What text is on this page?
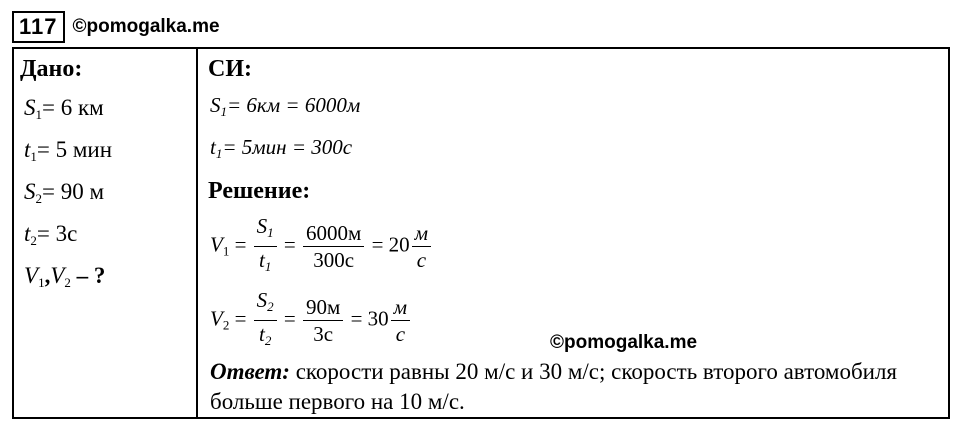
117 ©pomogalka.me
Дано:
$S_1= 6$ км
$t_1= 5$ мин
$S_2= 90$ м
$t_2= 3с$
$V_1,V_2$ – ?
СИ:
$S_1= 6км = 6000м$
$t_1= 5мин = 300с$
Решение:
$V_1 = \frac{S_1}{t_1} = \frac{6000м}{300с} = 20 \frac{м}{с}$
$V_2 = \frac{S_2}{t_2} = \frac{90м}{3с} = 30 \frac{м}{с}$	©pomogalka.me
Ответ: скорости равны 20 м/с и 30 м/с; скорость второго автомобиля больше первого на 10 м/с.
